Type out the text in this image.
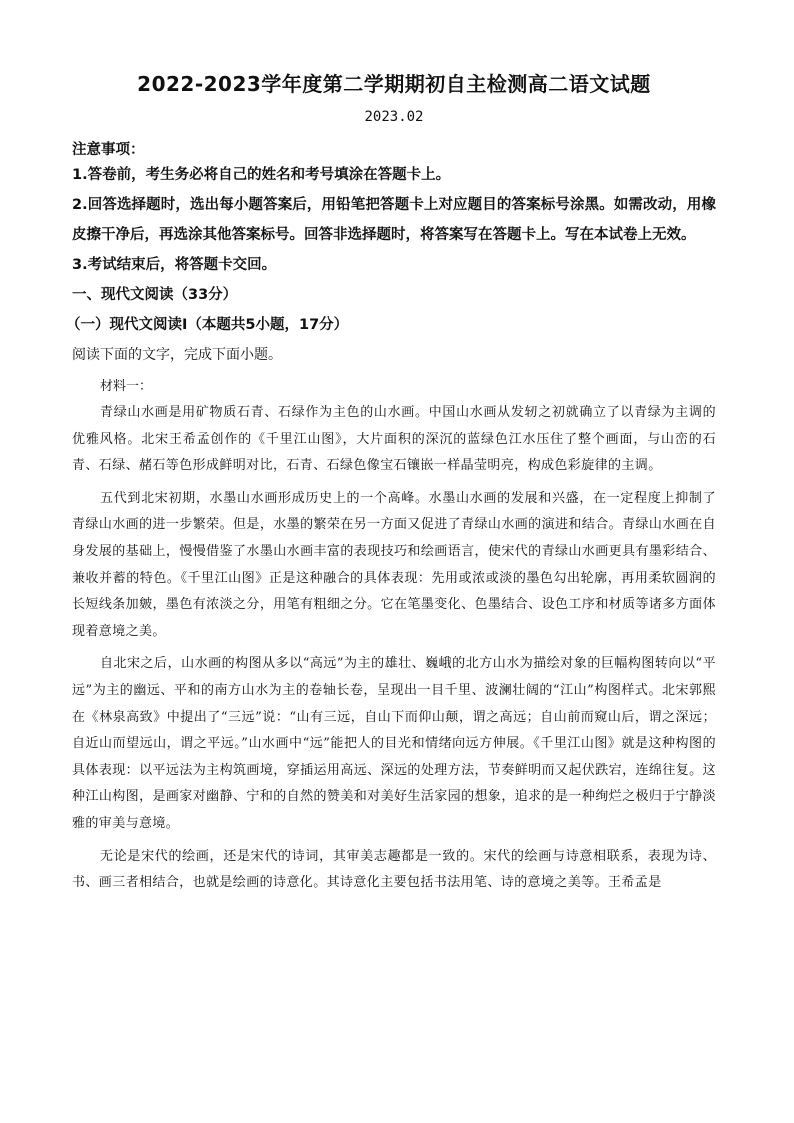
2022-2023学年度第二学期期初自主检测高二语文试题
2023.02
注意事项：

1.答卷前，考生务必将自己的姓名和考号填涂在答题卡上。

2.回答选择题时，选出每小题答案后，用铅笔把答题卡上对应题目的答案标号涂黑。如需改动，用橡皮擦干净后，再选涂其他答案标号。回答非选择题时，将答案写在答题卡上。写在本试卷上无效。

3.考试结束后，将答题卡交回。

一、现代文阅读（33分）
（一）现代文阅读Ⅰ（本题共5小题，17分）
阅读下面的文字，完成下面小题。
材料一：

青绿山水画是用矿物质石青、石绿作为主色的山水画。中国山水画从发轫之初就确立了以青绿为主调的优雅风格。北宋王希孟创作的《千里江山图》，大片面积的深沉的蓝绿色江水压住了整个画面，与山峦的石青、石绿、赭石等色形成鲜明对比，石青、石绿色像宝石镶嵌一样晶莹明亮，构成色彩旋律的主调。

五代到北宋初期，水墨山水画形成历史上的一个高峰。水墨山水画的发展和兴盛，在一定程度上抑制了青绿山水画的进一步繁荣。但是，水墨的繁荣在另一方面又促进了青绿山水画的演进和结合。青绿山水画在自身发展的基础上，慢慢借鉴了水墨山水画丰富的表现技巧和绘画语言，使宋代的青绿山水画更具有墨彩结合、兼收并蓄的特色。《千里江山图》正是这种融合的具体表现：先用或浓或淡的墨色勾出轮廓，再用柔软圆润的长短线条加皴，墨色有浓淡之分，用笔有粗细之分。它在笔墨变化、色墨结合、设色工序和材质等诸多方面体现着意境之美。

自北宋之后，山水画的构图从多以“高远”为主的雄壮、巍峨的北方山水为描绘对象的巨幅构图转向以“平远”为主的幽远、平和的南方山水为主的卷轴长卷，呈现出一目千里、波澜壮阔的“江山”构图样式。北宋郭熙在《林泉高致》中提出了“三远”说：“山有三远，自山下而仰山颠，谓之高远；自山前而窥山后，谓之深远；自近山而望远山，谓之平远。”山水画中“远”能把人的目光和情绪向远方伸展。《千里江山图》就是这种构图的具体表现：以平远法为主构筑画境，穿插运用高远、深远的处理方法，节奏鲜明而又起伏跌宕，连绵往复。这种江山构图，是画家对幽静、宁和的自然的赞美和对美好生活家园的想象，追求的是一种绚烂之极归于宁静淡雅的审美与意境。

无论是宋代的绘画，还是宋代的诗词，其审美志趣都是一致的。宋代的绘画与诗意相联系，表现为诗、书、画三者相结合，也就是绘画的诗意化。其诗意化主要包括书法用笔、诗的意境之美等。王希孟是
